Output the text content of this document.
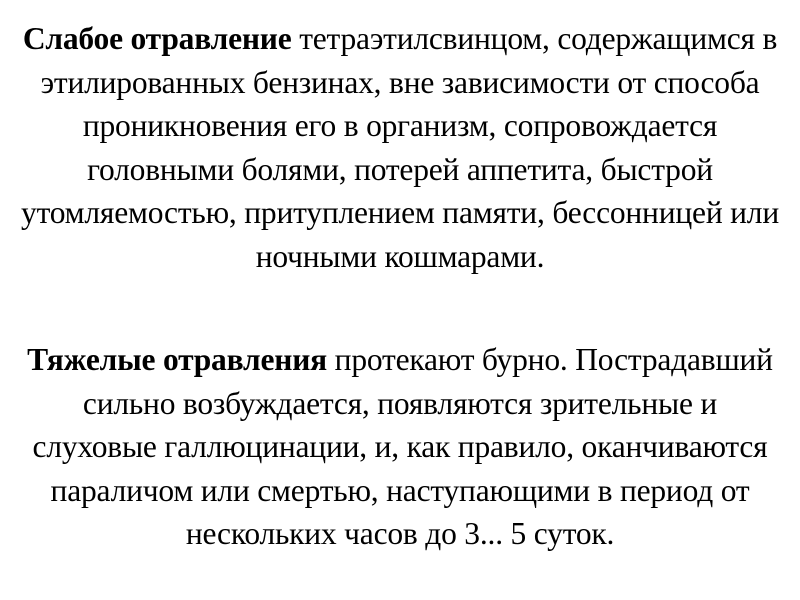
Слабое отравление тетраэтилсвинцом, содержащимся в этилированных бензинах, вне зависимости от способа проникновения его в организм, сопровождается головными болями, потерей аппетита, быстрой утомляемостью, притуплением памяти, бессонницей или ночными кошмарами.

Тяжелые отравления протекают бурно. Пострадавший сильно возбуждается, появляются зрительные и слуховые галлюцинации, и, как правило, оканчиваются параличом или смертью, наступающими в период от нескольких часов до 3... 5 суток.
